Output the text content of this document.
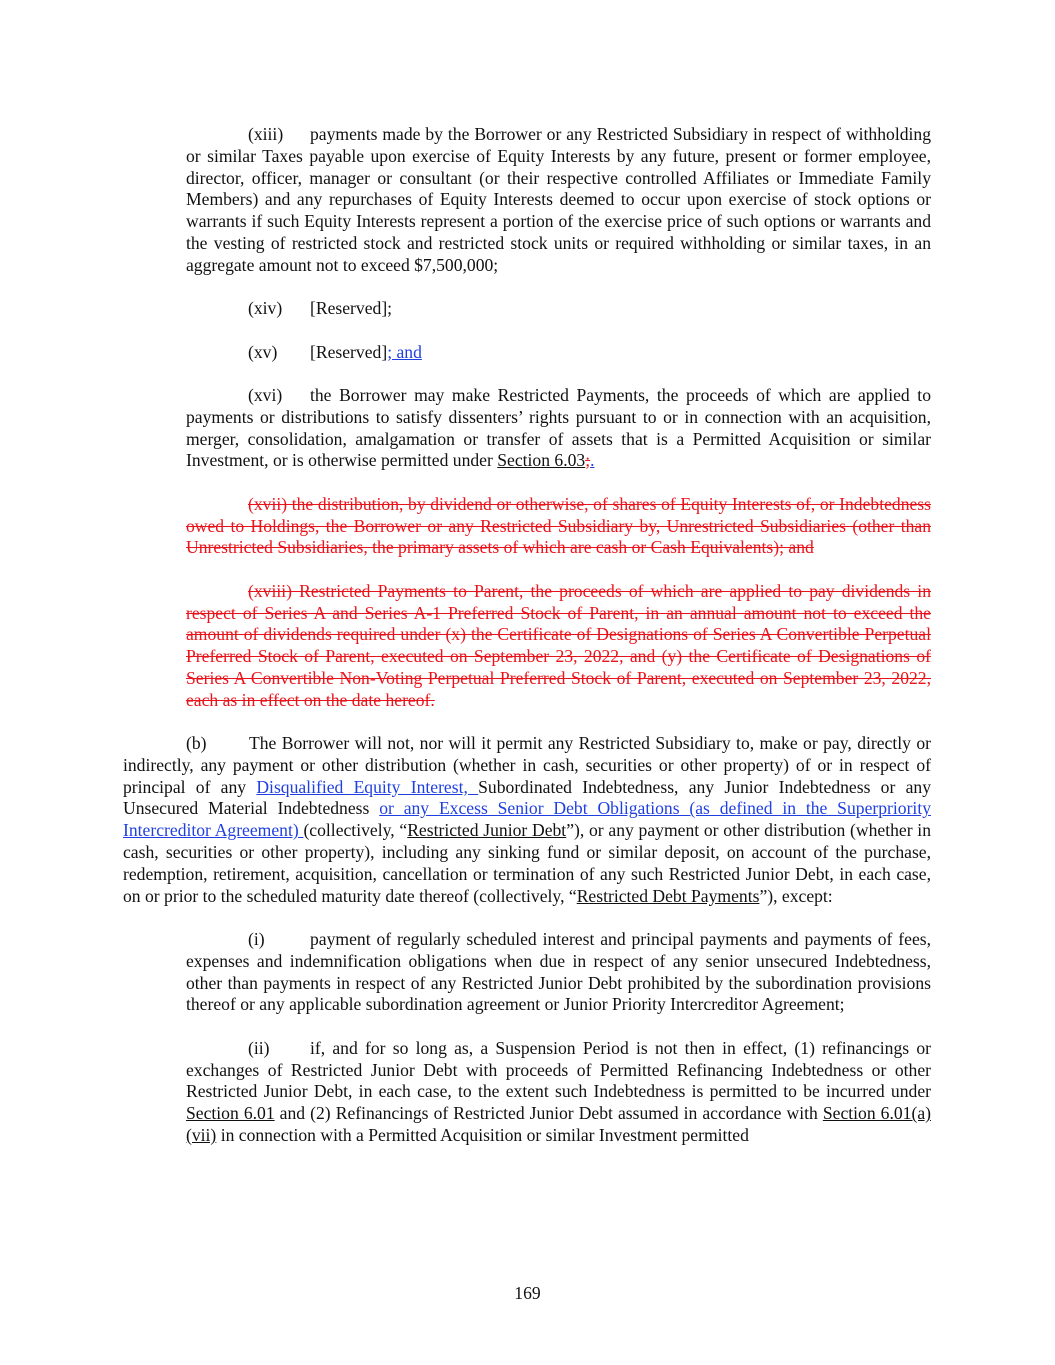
(xiii) payments made by the Borrower or any Restricted Subsidiary in respect of withholding or similar Taxes payable upon exercise of Equity Interests by any future, present or former employee, director, officer, manager or consultant (or their respective controlled Affiliates or Immediate Family Members) and any repurchases of Equity Interests deemed to occur upon exercise of stock options or warrants if such Equity Interests represent a portion of the exercise price of such options or warrants and the vesting of restricted stock and restricted stock units or required withholding or similar taxes, in an aggregate amount not to exceed $7,500,000;

(xiv) [Reserved];

(xv) [Reserved]; and

(xvi) the Borrower may make Restricted Payments, the proceeds of which are applied to payments or distributions to satisfy dissenters’ rights pursuant to or in connection with an acquisition, merger, consolidation, amalgamation or transfer of assets that is a Permitted Acquisition or similar Investment, or is otherwise permitted under Section 6.03;.

(xvii) the distribution, by dividend or otherwise, of shares of Equity Interests of, or Indebtedness owed to Holdings, the Borrower or any Restricted Subsidiary by, Unrestricted Subsidiaries (other than Unrestricted Subsidiaries, the primary assets of which are cash or Cash Equivalents); and

(xviii) Restricted Payments to Parent, the proceeds of which are applied to pay dividends in respect of Series A and Series A-1 Preferred Stock of Parent, in an annual amount not to exceed the amount of dividends required under (x) the Certificate of Designations of Series A Convertible Perpetual Preferred Stock of Parent, executed on September 23, 2022, and (y) the Certificate of Designations of Series A Convertible Non-Voting Perpetual Preferred Stock of Parent, executed on September 23, 2022, each as in effect on the date hereof.

(b) The Borrower will not, nor will it permit any Restricted Subsidiary to, make or pay, directly or indirectly, any payment or other distribution (whether in cash, securities or other property) of or in respect of principal of any Disqualified Equity Interest, Subordinated Indebtedness, any Junior Indebtedness or any Unsecured Material Indebtedness or any Excess Senior Debt Obligations (as defined in the Superpriority Intercreditor Agreement) (collectively, “Restricted Junior Debt”), or any payment or other distribution (whether in cash, securities or other property), including any sinking fund or similar deposit, on account of the purchase, redemption, retirement, acquisition, cancellation or termination of any such Restricted Junior Debt, in each case, on or prior to the scheduled maturity date thereof (collectively, “Restricted Debt Payments”), except:

(i)	payment of regularly scheduled interest and principal payments and payments of fees, expenses and indemnification obligations when due in respect of any senior unsecured Indebtedness, other than payments in respect of any Restricted Junior Debt prohibited by the subordination provisions thereof or any applicable subordination agreement or Junior Priority Intercreditor Agreement;

(ii) if, and for so long as, a Suspension Period is not then in effect, (1) refinancings or exchanges of Restricted Junior Debt with proceeds of Permitted Refinancing Indebtedness or other Restricted Junior Debt, in each case, to the extent such Indebtedness is permitted to be incurred under Section 6.01 and (2) Refinancings of Restricted Junior Debt assumed in accordance with Section 6.01(a)(vii) in connection with a Permitted Acquisition or similar Investment permitted

169
